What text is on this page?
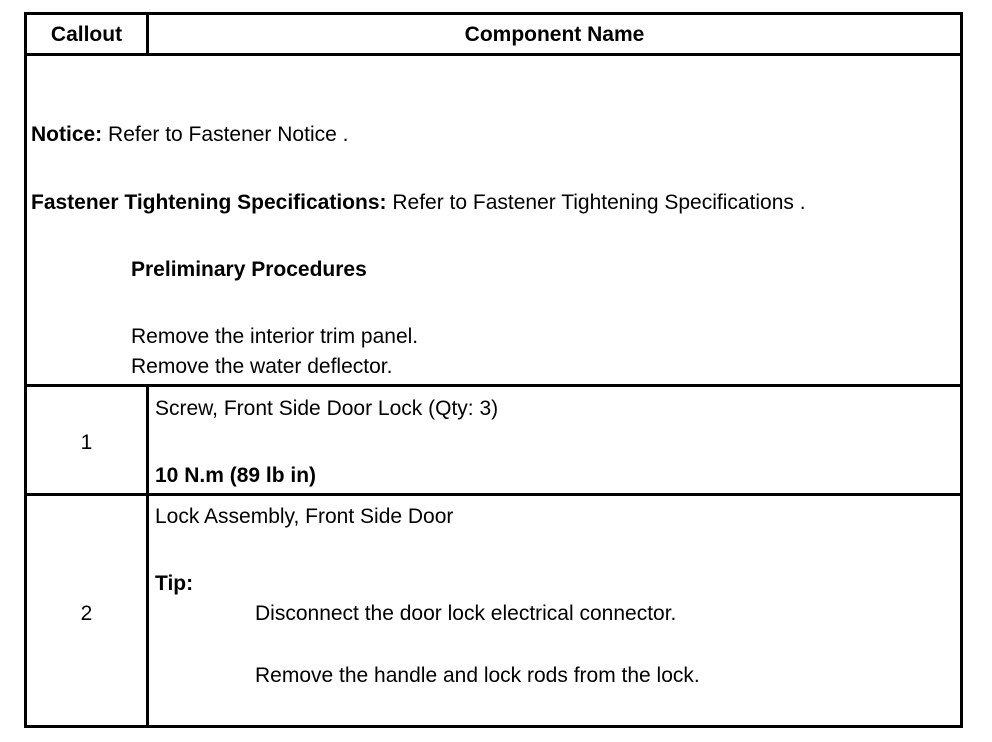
Callout	Component Name
Notice: Refer to Fastener Notice .
Fastener Tightening Specifications: Refer to Fastener Tightening Specifications .
Preliminary Procedures
Remove the interior trim panel.
Remove the water deflector.
1
Screw, Front Side Door Lock (Qty: 3)
10 N.m (89 lb in)
2
Lock Assembly, Front Side Door
Tip:
Disconnect the door lock electrical connector.
Remove the handle and lock rods from the lock.
